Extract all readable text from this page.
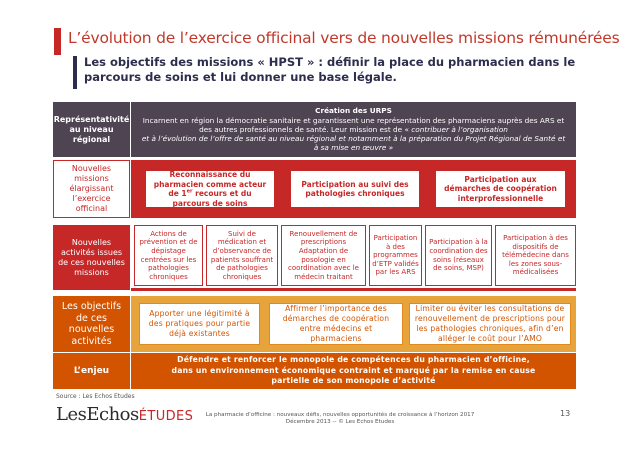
L’évolution de l’exercice officinal vers de nouvelles missions rémunérées
Les objectifs des missions « HPST » : définir la place du pharmacien dans le parcours de soins et lui donner une base légale.
Représentativité au niveau régional
Création des URPS
Incarnent en région la démocratie sanitaire et garantissent une représentation des pharmaciens auprès des ARS et des autres professionnels de santé. Leur mission est de « contribuer à l’organisation
et à l’évolution de l’offre de santé au niveau régional et notamment à la préparation du Projet Régional de Santé et à sa mise en œuvre »
Nouvelles missions élargissant l’exercice officinal
Reconnaissance du pharmacien comme acteur de 1er recours et du parcours de soins
Participation au suivi des pathologies chroniques
Participation aux démarches de coopération interprofessionnelle
Nouvelles activités issues de ces nouvelles missions
Actions de prévention et de dépistage centrées sur les pathologies chroniques
Suivi de médication et d’observance de patients souffrant de pathologies chroniques
Renouvellement de prescriptions Adaptation de posologie en coordination avec le médecin traitant
Participation à des programmes d’ETP validés par les ARS
Participation à la coordination des soins (réseaux de soins, MSP)
Participation à des dispositifs de télémédecine dans les zones sous-médicalisées
Les objectifs de ces nouvelles activités
Apporter une légitimité à des pratiques pour partie déjà existantes
Affirmer l’importance des démarches de coopération entre médecins et pharmaciens
Limiter ou éviter les consultations de renouvellement de prescriptions pour les pathologies chroniques, afin d’en alléger le coût pour l’AMO
L’enjeu
Défendre et renforcer le monopole de compétences du pharmacien d’officine, dans un environnement économique contraint et marqué par la remise en cause partielle de son monopole d’activité
Source : Les Echos Etudes
LesEchosÉTUDES	La pharmacie d’officine : nouveaux défis, nouvelles opportunités de croissance à l’horizon 2017
Décembre 2013 -- © Les Echos Etudes
13
